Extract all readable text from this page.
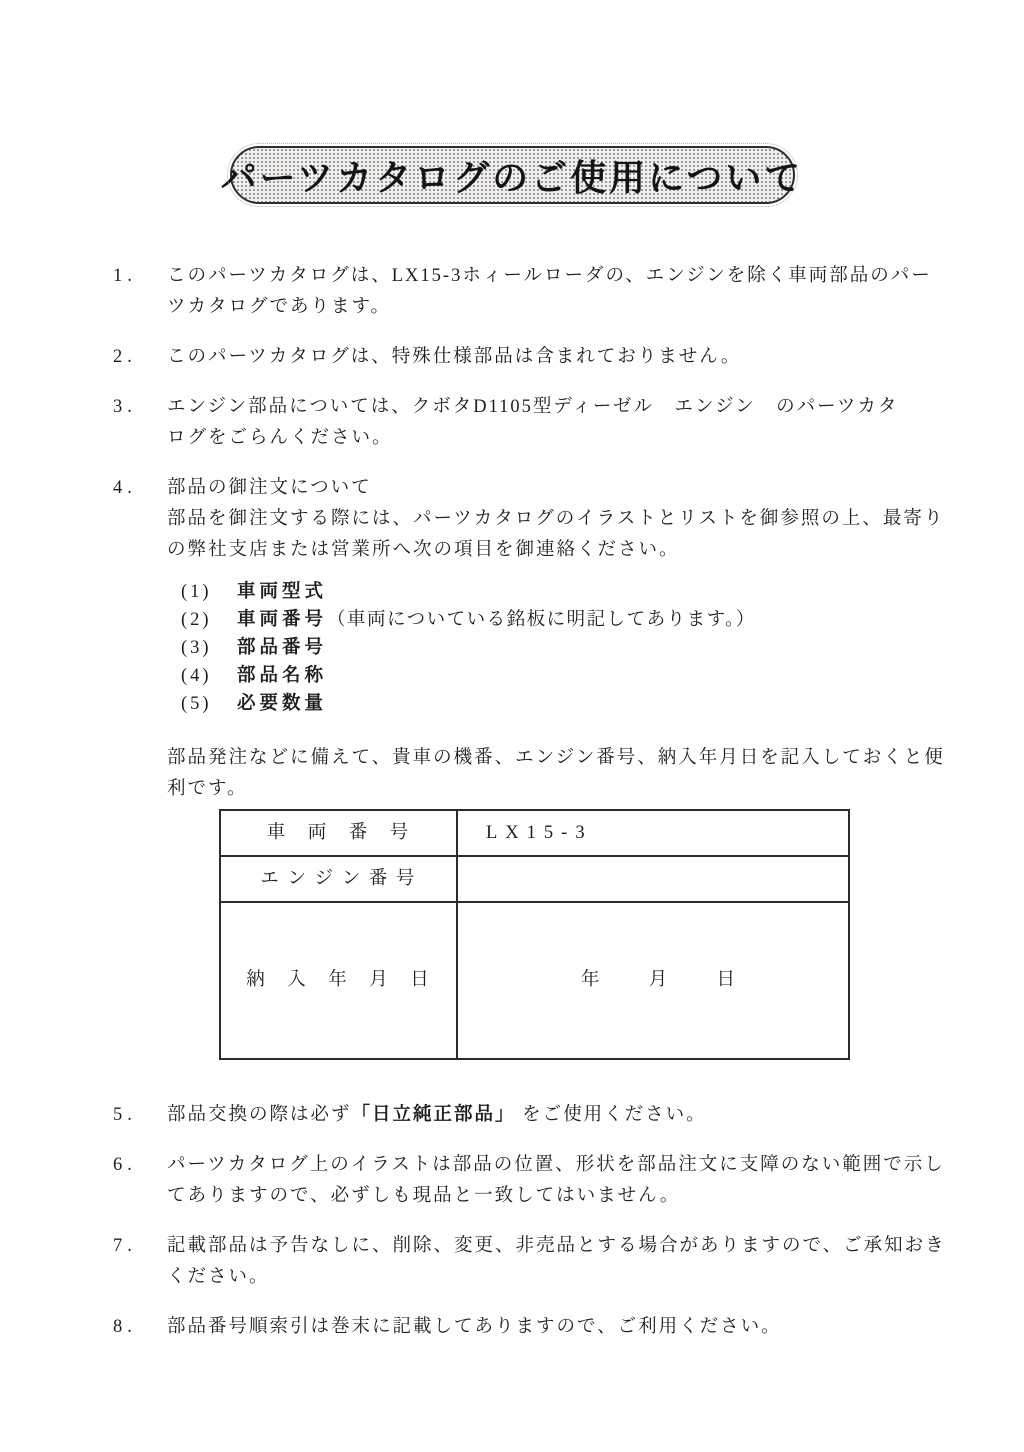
パーツカタログのご使用について
1.	このパーツカタログは、LX15-3ホィールローダの、エンジンを除く車両部品のパー
ツカタログであります。
2.	このパーツカタログは、特殊仕様部品は含まれておりません。
3.	エンジン部品については、クボタD1105型ディーゼル　エンジン　のパーツカタ
ログをごらんください。
4.	部品の御注文について
部品を御注文する際には、パーツカタログのイラストとリストを御参照の上、最寄り
の弊社支店または営業所へ次の項目を御連絡ください。
(1)	車両型式
(2)	車両番号 （車両についている銘板に明記してあります。）
(3)	部品番号
(4)	部品名称
(5)	必要数量
部品発注などに備えて、貴車の機番、エンジン番号、納入年月日を記入しておくと便
利です。
車　両　番　号	LX15-3
エ ン ジ ン 番 号	
納　入　年　月　日	年 月 日

5.	部品交換の際は必ず「日立純正部品」 をご使用ください。
6.	パーツカタログ上のイラストは部品の位置、形状を部品注文に支障のない範囲で示し
てありますので、必ずしも現品と一致してはいません。
7.	記載部品は予告なしに、削除、変更、非売品とする場合がありますので、ご承知おき
ください。
8.	部品番号順索引は巻末に記載してありますので、ご利用ください。
